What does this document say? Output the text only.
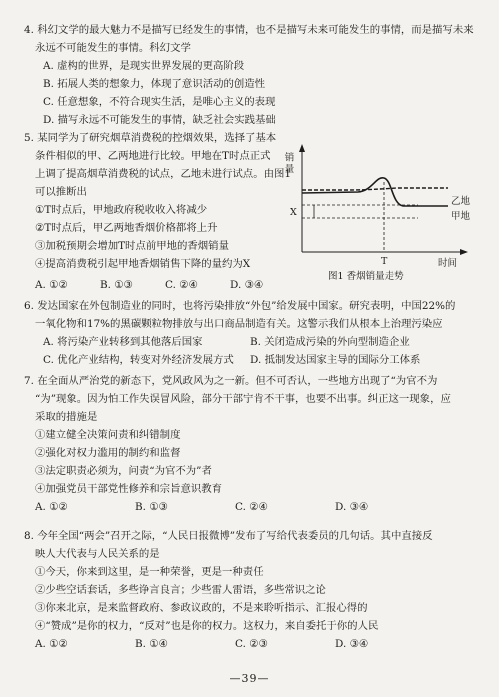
4. 科幻文学的最大魅力不是描写已经发生的事情，也不是描写未来可能发生的事情，而是描写未来
永远不可能发生的事情。科幻文学
A. 虚构的世界，是现实世界发展的更高阶段
B. 拓展人类的想象力，体现了意识活动的创造性
C. 任意想象，不符合现实生活，是唯心主义的表现
D. 描写永远不可能发生的事情，缺乏社会实践基础
5. 某同学为了研究烟草消费税的控烟效果，选择了基本
条件相似的甲、乙两地进行比较。甲地在T时点正式
上调了提高烟草消费税的试点，乙地未进行试点。由图1
可以推断出
①T时点后，甲地政府税收收入将减少
②T时点后，甲乙两地香烟价格都将上升
③加税预期会增加T时点前甲地的香烟销量
④提高消费税引起甲地香烟销售下降的量约为X
A. ①②	B. ①③	C. ②④	D. ③④
销量
时间
T
X
乙地
甲地
图1 香烟销量走势
6. 发达国家在外包制造业的同时，也将污染排放“外包”给发展中国家。研究表明，中国22%的
一氧化物和17%的黑碳颗粒物排放与出口商品制造有关。这警示我们从根本上治理污染应
A. 将污染产业转移到其他落后国家	B. 关闭造成污染的外向型制造企业
C. 优化产业结构，转变对外经济发展方式 D. 抵制发达国家主导的国际分工体系
7. 在全面从严治党的新态下，党风政风为之一新。但不可否认，一些地方出现了“为官不为
“为”现象。因为怕工作失误冒风险，部分干部宁肯不干事，也要不出事。纠正这一现象，应
采取的措施是
①建立健全决策问责和纠错制度
②强化对权力滥用的制约和监督
③法定职责必须为，问责“为官不为”者
④加强党员干部党性修养和宗旨意识教育
A. ①②	B. ①③	C. ②④	D. ③④
8. 今年全国“两会”召开之际，“人民日报微博”发布了写给代表委员的几句话。其中直接反
映人大代表与人民关系的是
①今天，你来到这里，是一种荣誉，更是一种责任
②少些空话套话，多些诤言良言；少些雷人雷语，多些常识之论
③你来北京，是来监督政府、参政议政的，不是来聆听指示、汇报心得的
④“赞成”是你的权力，“反对”也是你的权力。这权力，来自委托于你的人民
A. ①②	B. ①④	C. ②③	D. ③④
—39—
